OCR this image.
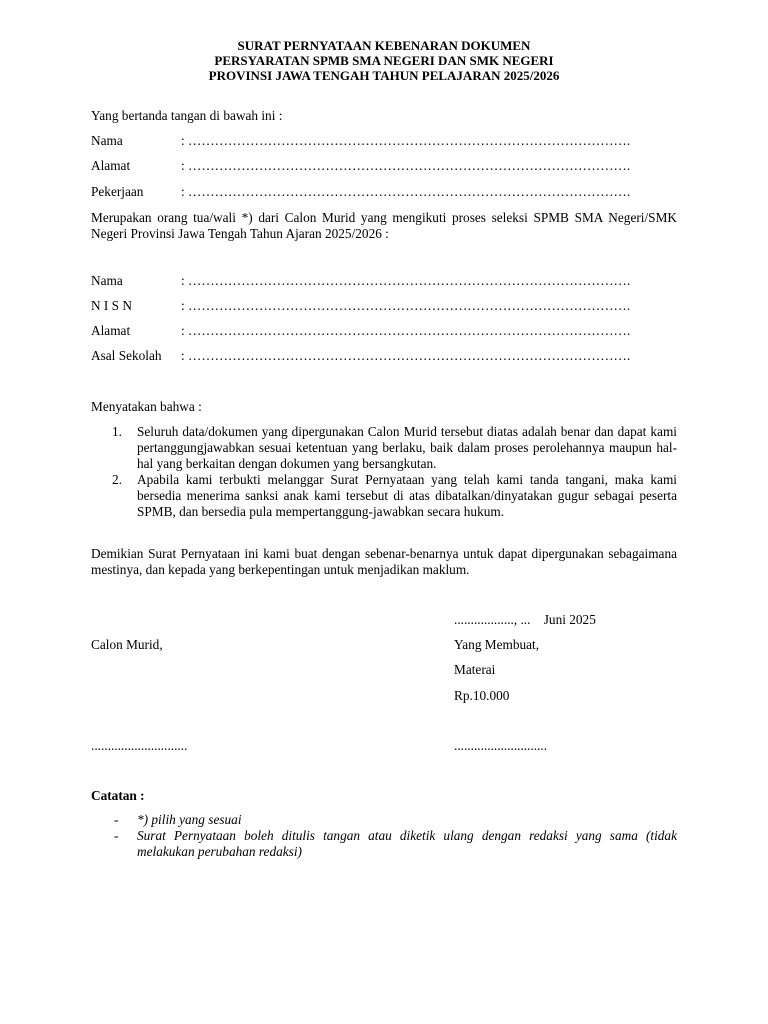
SURAT PERNYATAAN KEBENARAN DOKUMEN
PERSYARATAN SPMB SMA NEGERI DAN SMK NEGERI
PROVINSI JAWA TENGAH TAHUN PELAJARAN 2025/2026
Yang bertanda tangan di bawah ini :
Nama	: ……………………………………………………………………………………….
Alamat	: ……………………………………………………………………………………….
Pekerjaan	: ……………………………………………………………………………………….
Merupakan orang tua/wali *) dari Calon Murid yang mengikuti proses seleksi SPMB SMA Negeri/SMK Negeri Provinsi Jawa Tengah Tahun Ajaran 2025/2026 :
Nama	: ……………………………………………………………………………………….
N I S N	: ……………………………………………………………………………………….
Alamat	: ……………………………………………………………………………………….
Asal Sekolah : ……………………………………………………………………………………….
Menyatakan bahwa :
1. Seluruh data/dokumen yang dipergunakan Calon Murid tersebut diatas adalah benar dan dapat kami pertanggungjawabkan sesuai ketentuan yang berlaku, baik dalam proses perolehannya maupun hal-hal yang berkaitan dengan dokumen yang bersangkutan.
2. Apabila kami terbukti melanggar Surat Pernyataan yang telah kami tanda tangani, maka kami bersedia menerima sanksi anak kami tersebut di atas dibatalkan/dinyatakan gugur sebagai peserta SPMB, dan bersedia pula mempertanggung-jawabkan secara hukum.
Demikian Surat Pernyataan ini kami buat dengan sebenar-benarnya untuk dapat dipergunakan sebagaimana mestinya, dan kepada yang berkepentingan untuk menjadikan maklum.
.................., ...    Juni 2025
Calon Murid,	Yang Membuat,
Materai
Rp.10.000
.............................	............................
Catatan :
- *) pilih yang sesuai
- Surat Pernyataan boleh ditulis tangan atau diketik ulang dengan redaksi yang sama (tidak melakukan perubahan redaksi)
